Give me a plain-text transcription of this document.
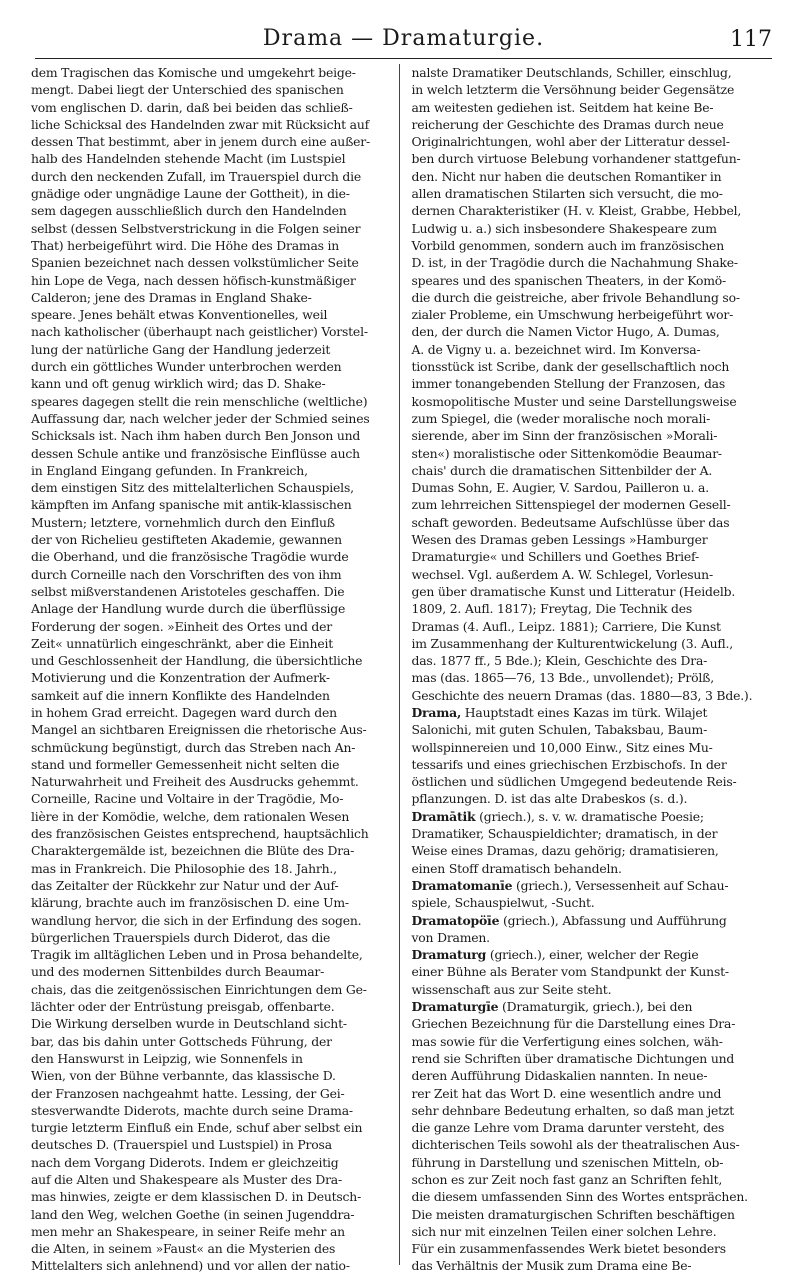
Drama — Dramaturgie.	117
dem Tragischen das Komische und umgekehrt beige-
mengt. Dabei liegt der Unterschied des spanischen
vom englischen D. darin, daß bei beiden das schließ-
liche Schicksal des Handelnden zwar mit Rücksicht auf
dessen That bestimmt, aber in jenem durch eine außer-
halb des Handelnden stehende Macht (im Lustspiel
durch den neckenden Zufall, im Trauerspiel durch die
gnädige oder ungnädige Laune der Gottheit), in die-
sem dagegen ausschließlich durch den Handelnden
selbst (dessen Selbstverstrickung in die Folgen seiner
That) herbeigeführt wird. Die Höhe des Dramas in
Spanien bezeichnet nach dessen volkstümlicher Seite
hin Lope de Vega, nach dessen höfisch-kunstmäßiger
Calderon; jene des Dramas in England Shake-
speare. Jenes behält etwas Konventionelles, weil
nach katholischer (überhaupt nach geistlicher) Vorstel-
lung der natürliche Gang der Handlung jederzeit
durch ein göttliches Wunder unterbrochen werden
kann und oft genug wirklich wird; das D. Shake-
speares dagegen stellt die rein menschliche (weltliche)
Auffassung dar, nach welcher jeder der Schmied seines
Schicksals ist. Nach ihm haben durch Ben Jonson und
dessen Schule antike und französische Einflüsse auch
in England Eingang gefunden. In Frankreich,
dem einstigen Sitz des mittelalterlichen Schauspiels,
kämpften im Anfang spanische mit antik-klassischen
Mustern; letztere, vornehmlich durch den Einfluß
der von Richelieu gestifteten Akademie, gewannen
die Oberhand, und die französische Tragödie wurde
durch Corneille nach den Vorschriften des von ihm
selbst mißverstandenen Aristoteles geschaffen. Die
Anlage der Handlung wurde durch die überflüssige
Forderung der sogen. »Einheit des Ortes und der
Zeit« unnatürlich eingeschränkt, aber die Einheit
und Geschlossenheit der Handlung, die übersichtliche
Motivierung und die Konzentration der Aufmerk-
samkeit auf die innern Konflikte des Handelnden
in hohem Grad erreicht. Dagegen ward durch den
Mangel an sichtbaren Ereignissen die rhetorische Aus-
schmückung begünstigt, durch das Streben nach An-
stand und formeller Gemessenheit nicht selten die
Naturwahrheit und Freiheit des Ausdrucks gehemmt.
Corneille, Racine und Voltaire in der Tragödie, Mo-
lière in der Komödie, welche, dem rationalen Wesen
des französischen Geistes entsprechend, hauptsächlich
Charaktergemälde ist, bezeichnen die Blüte des Dra-
mas in Frankreich. Die Philosophie des 18. Jahrh.,
das Zeitalter der Rückkehr zur Natur und der Auf-
klärung, brachte auch im französischen D. eine Um-
wandlung hervor, die sich in der Erfindung des sogen.
bürgerlichen Trauerspiels durch Diderot, das die
Tragik im alltäglichen Leben und in Prosa behandelte,
und des modernen Sittenbildes durch Beaumar-
chais, das die zeitgenössischen Einrichtungen dem Ge-
lächter oder der Entrüstung preisgab, offenbarte.
Die Wirkung derselben wurde in Deutschland sicht-
bar, das bis dahin unter Gottscheds Führung, der
den Hanswurst in Leipzig, wie Sonnenfels in
Wien, von der Bühne verbannte, das klassische D.
der Franzosen nachgeahmt hatte. Lessing, der Gei-
stesverwandte Diderots, machte durch seine Drama-
turgie letzterm Einfluß ein Ende, schuf aber selbst ein
deutsches D. (Trauerspiel und Lustspiel) in Prosa
nach dem Vorgang Diderots. Indem er gleichzeitig
auf die Alten und Shakespeare als Muster des Dra-
mas hinwies, zeigte er dem klassischen D. in Deutsch-
land den Weg, welchen Goethe (in seinen Jugenddra-
men mehr an Shakespeare, in seiner Reife mehr an
die Alten, in seinem »Faust« an die Mysterien des
Mittelalters sich anlehnend) und vor allen der natio-
nalste Dramatiker Deutschlands, Schiller, einschlug,
in welch letzterm die Versöhnung beider Gegensätze
am weitesten gediehen ist. Seitdem hat keine Be-
reicherung der Geschichte des Dramas durch neue
Originalrichtungen, wohl aber der Litteratur dessel-
ben durch virtuose Belebung vorhandener stattgefun-
den. Nicht nur haben die deutschen Romantiker in
allen dramatischen Stilarten sich versucht, die mo-
dernen Charakteristiker (H. v. Kleist, Grabbe, Hebbel,
Ludwig u. a.) sich insbesondere Shakespeare zum
Vorbild genommen, sondern auch im französischen
D. ist, in der Tragödie durch die Nachahmung Shake-
speares und des spanischen Theaters, in der Komö-
die durch die geistreiche, aber frivole Behandlung so-
zialer Probleme, ein Umschwung herbeigeführt wor-
den, der durch die Namen Victor Hugo, A. Dumas,
A. de Vigny u. a. bezeichnet wird. Im Konversa-
tionsstück ist Scribe, dank der gesellschaftlich noch
immer tonangebenden Stellung der Franzosen, das
kosmopolitische Muster und seine Darstellungsweise
zum Spiegel, die (weder moralische noch morali-
sierende, aber im Sinn der französischen »Morali-
sten«) moralistische oder Sittenkomödie Beaumar-
chais' durch die dramatischen Sittenbilder der A.
Dumas Sohn, E. Augier, V. Sardou, Pailleron u. a.
zum lehrreichen Sittenspiegel der modernen Gesell-
schaft geworden. Bedeutsame Aufschlüsse über das
Wesen des Dramas geben Lessings »Hamburger
Dramaturgie« und Schillers und Goethes Brief-
wechsel. Vgl. außerdem A. W. Schlegel, Vorlesun-
gen über dramatische Kunst und Litteratur (Heidelb.
1809, 2. Aufl. 1817); Freytag, Die Technik des
Dramas (4. Aufl., Leipz. 1881); Carriere, Die Kunst
im Zusammenhang der Kulturentwickelung (3. Aufl.,
das. 1877 ff., 5 Bde.); Klein, Geschichte des Dra-
mas (das. 1865—76, 13 Bde., unvollendet); Prölß,
Geschichte des neuern Dramas (das. 1880—83, 3 Bde.).
Drama, Hauptstadt eines Kazas im türk. Wilajet
Salonichi, mit guten Schulen, Tabaksbau, Baum-
wollspinnereien und 10,000 Einw., Sitz eines Mu-
tessarifs und eines griechischen Erzbischofs. In der
östlichen und südlichen Umgegend bedeutende Reis-
pflanzungen. D. ist das alte Drabeskos (s. d.).
Dramātik (griech.), s. v. w. dramatische Poesie;
Dramatiker, Schauspieldichter; dramatisch, in der
Weise eines Dramas, dazu gehörig; dramatisieren,
einen Stoff dramatisch behandeln.
Dramatomanīe (griech.), Versessenheit auf Schau-
spiele, Schauspielwut, -Sucht.
Dramatopöīe (griech.), Abfassung und Aufführung
von Dramen.
Dramaturg (griech.), einer, welcher der Regie
einer Bühne als Berater vom Standpunkt der Kunst-
wissenschaft aus zur Seite steht.
Dramaturgīe (Dramaturgik, griech.), bei den
Griechen Bezeichnung für die Darstellung eines Dra-
mas sowie für die Verfertigung eines solchen, wäh-
rend sie Schriften über dramatische Dichtungen und
deren Aufführung Didaskalien nannten. In neue-
rer Zeit hat das Wort D. eine wesentlich andre und
sehr dehnbare Bedeutung erhalten, so daß man jetzt
die ganze Lehre vom Drama darunter versteht, des
dichterischen Teils sowohl als der theatralischen Aus-
führung in Darstellung und szenischen Mitteln, ob-
schon es zur Zeit noch fast ganz an Schriften fehlt,
die diesem umfassenden Sinn des Wortes entsprächen.
Die meisten dramaturgischen Schriften beschäftigen
sich nur mit einzelnen Teilen einer solchen Lehre.
Für ein zusammenfassendes Werk bietet besonders
das Verhältnis der Musik zum Drama eine Be-
